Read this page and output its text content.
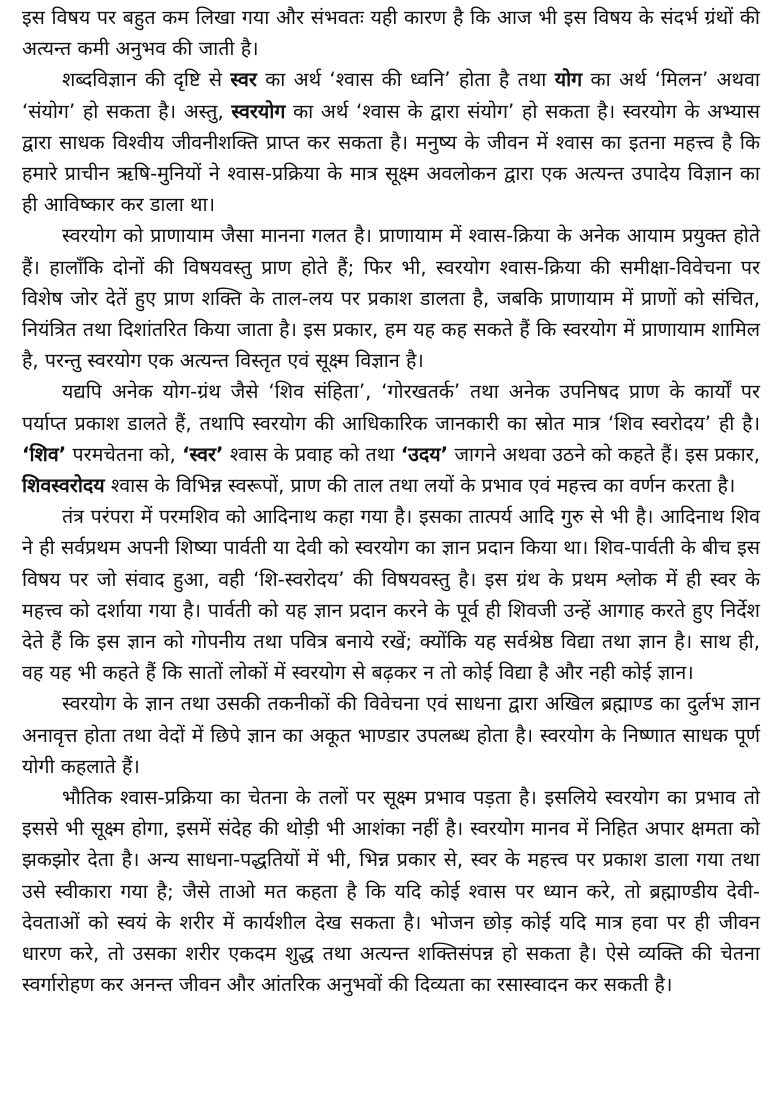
इस विषय पर बहुत कम लिखा गया और संभवतः यही कारण है कि आज भी इस विषय के संदर्भ ग्रंथों की अत्यन्त कमी अनुभव की जाती है।

शब्दविज्ञान की दृष्टि से स्वर का अर्थ ‘श्वास की ध्वनि’ होता है तथा योग का अर्थ ‘मिलन’ अथवा ‘संयोग’ हो सकता है। अस्तु, स्वरयोग का अर्थ ‘श्वास के द्वारा संयोग’ हो सकता है। स्वरयोग के अभ्यास द्वारा साधक विश्वीय जीवनीशक्ति प्राप्त कर सकता है। मनुष्य के जीवन में श्वास का इतना महत्त्व है कि हमारे प्राचीन ऋषि-मुनियों ने श्वास-प्रक्रिया के मात्र सूक्ष्म अवलोकन द्वारा एक अत्यन्त उपादेय विज्ञान का ही आविष्कार कर डाला था।

स्वरयोग को प्राणायाम जैसा मानना गलत है। प्राणायाम में श्वास-क्रिया के अनेक आयाम प्रयुक्त होते हैं। हालाँकि दोनों की विषयवस्तु प्राण होते हैं; फिर भी, स्वरयोग श्वास-क्रिया की समीक्षा-विवेचना पर विशेष जोर देतें हुए प्राण शक्ति के ताल-लय पर प्रकाश डालता है, जबकि प्राणायाम में प्राणों को संचित, नियंत्रित तथा दिशांतरित किया जाता है। इस प्रकार, हम यह कह सकते हैं कि स्वरयोग में प्राणायाम शामिल है, परन्तु स्वरयोग एक अत्यन्त विस्तृत एवं सूक्ष्म विज्ञान है।

यद्यपि अनेक योग-ग्रंथ जैसे ‘शिव संहिता’, ‘गोरखतर्क’ तथा अनेक उपनिषद प्राण के कार्यों पर पर्याप्त प्रकाश डालते हैं, तथापि स्वरयोग की आधिकारिक जानकारी का स्रोत मात्र ‘शिव स्वरोदय’ ही है। ‘शिव’ परमचेतना को, ‘स्वर’ श्वास के प्रवाह को तथा ‘उदय’ जागने अथवा उठने को कहते हैं। इस प्रकार, शिवस्वरोदय श्वास के विभिन्न स्वरूपों, प्राण की ताल तथा लयों के प्रभाव एवं महत्त्व का वर्णन करता है।

तंत्र परंपरा में परमशिव को आदिनाथ कहा गया है। इसका तात्पर्य आदि गुरु से भी है। आदिनाथ शिव ने ही सर्वप्रथम अपनी शिष्या पार्वती या देवी को स्वरयोग का ज्ञान प्रदान किया था। शिव-पार्वती के बीच इस विषय पर जो संवाद हुआ, वही ‘शि-स्वरोदय’ की विषयवस्तु है। इस ग्रंथ के प्रथम श्लोक में ही स्वर के महत्त्व को दर्शाया गया है। पार्वती को यह ज्ञान प्रदान करने के पूर्व ही शिवजी उन्हें आगाह करते हुए निर्देश देते हैं कि इस ज्ञान को गोपनीय तथा पवित्र बनाये रखें; क्योंकि यह सर्वश्रेष्ठ विद्या तथा ज्ञान है। साथ ही, वह यह भी कहते हैं कि सातों लोकों में स्वरयोग से बढ़कर न तो कोई विद्या है और नही कोई ज्ञान।

स्वरयोग के ज्ञान तथा उसकी तकनीकों की विवेचना एवं साधना द्वारा अखिल ब्रह्माण्ड का दुर्लभ ज्ञान अनावृत्त होता तथा वेदों में छिपे ज्ञान का अकूत भाण्डार उपलब्ध होता है। स्वरयोग के निष्णात साधक पूर्ण योगी कहलाते हैं।

भौतिक श्वास-प्रक्रिया का चेतना के तलों पर सूक्ष्म प्रभाव पड़ता है। इसलिये स्वरयोग का प्रभाव तो इससे भी सूक्ष्म होगा, इसमें संदेह की थोड़ी भी आशंका नहीं है। स्वरयोग मानव में निहित अपार क्षमता को झकझोर देता है। अन्य साधना-पद्धतियों में भी, भिन्न प्रकार से, स्वर के महत्त्व पर प्रकाश डाला गया तथा उसे स्वीकारा गया है; जैसे ताओ मत कहता है कि यदि कोई श्वास पर ध्यान करे, तो ब्रह्माण्डीय देवी-देवताओं को स्वयं के शरीर में कार्यशील देख सकता है। भोजन छोड़ कोई यदि मात्र हवा पर ही जीवन धारण करे, तो उसका शरीर एकदम शुद्ध तथा अत्यन्त शक्तिसंपन्न हो सकता है। ऐसे व्यक्ति की चेतना स्वर्गारोहण कर अनन्त जीवन और आंतरिक अनुभवों की दिव्यता का रसास्वादन कर सकती है।
